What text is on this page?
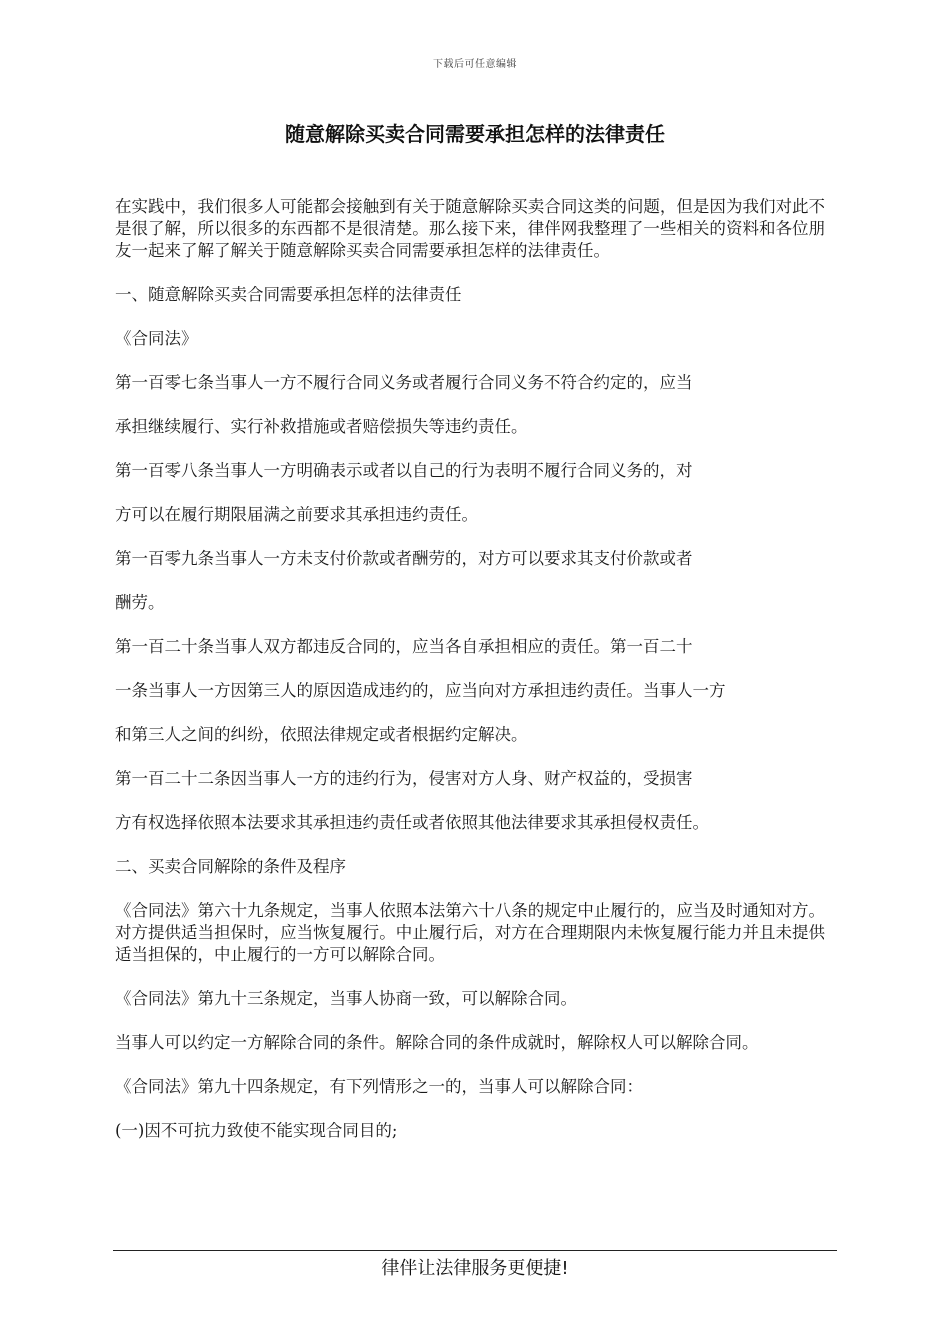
下载后可任意编辑
随意解除买卖合同需要承担怎样的法律责任

在实践中，我们很多人可能都会接触到有关于随意解除买卖合同这类的问题，但是因为我们对此不是很了解，所以很多的东西都不是很清楚。那么接下来，律伴网我整理了一些相关的资料和各位朋友一起来了解了解关于随意解除买卖合同需要承担怎样的法律责任。

一、随意解除买卖合同需要承担怎样的法律责任

《合同法》

第一百零七条当事人一方不履行合同义务或者履行合同义务不符合约定的，应当

承担继续履行、实行补救措施或者赔偿损失等违约责任。

第一百零八条当事人一方明确表示或者以自己的行为表明不履行合同义务的，对

方可以在履行期限届满之前要求其承担违约责任。

第一百零九条当事人一方未支付价款或者酬劳的，对方可以要求其支付价款或者

酬劳。

第一百二十条当事人双方都违反合同的，应当各自承担相应的责任。第一百二十

一条当事人一方因第三人的原因造成违约的，应当向对方承担违约责任。当事人一方

和第三人之间的纠纷，依照法律规定或者根据约定解决。

第一百二十二条因当事人一方的违约行为，侵害对方人身、财产权益的，受损害

方有权选择依照本法要求其承担违约责任或者依照其他法律要求其承担侵权责任。

二、买卖合同解除的条件及程序

《合同法》第六十九条规定，当事人依照本法第六十八条的规定中止履行的，应当及时通知对方。对方提供适当担保时，应当恢复履行。中止履行后，对方在合理期限内未恢复履行能力并且未提供适当担保的，中止履行的一方可以解除合同。

《合同法》第九十三条规定，当事人协商一致，可以解除合同。

当事人可以约定一方解除合同的条件。解除合同的条件成就时，解除权人可以解除合同。

《合同法》第九十四条规定，有下列情形之一的，当事人可以解除合同：

(一)因不可抗力致使不能实现合同目的;

律伴让法律服务更便捷!
